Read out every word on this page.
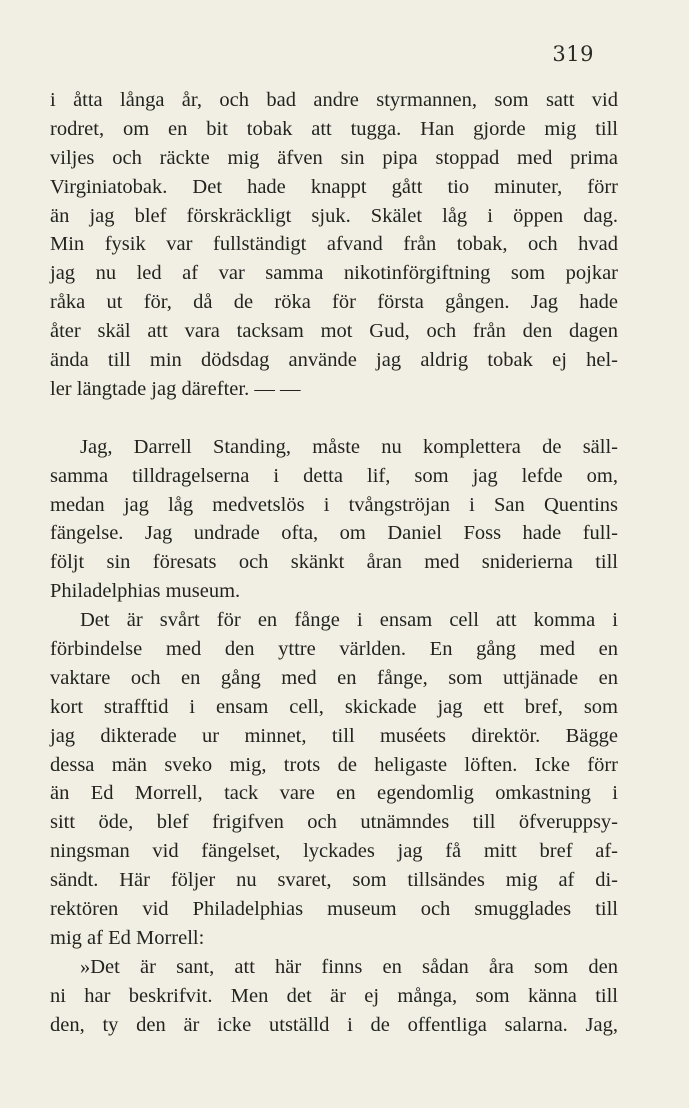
319
i åtta långa år, och bad andre styrmannen, som satt vid
rodret, om en bit tobak att tugga. Han gjorde mig till
viljes och räckte mig äfven sin pipa stoppad med prima
Virginiatobak. Det hade knappt gått tio minuter, förr
än jag blef förskräckligt sjuk. Skälet låg i öppen dag.
Min fysik var fullständigt afvand från tobak, och hvad
jag nu led af var samma nikotinförgiftning som pojkar
råka ut för, då de röka för första gången. Jag hade
åter skäl att vara tacksam mot Gud, och från den dagen
ända till min dödsdag använde jag aldrig tobak ej hel-
ler längtade jag därefter. — —
Jag, Darrell Standing, måste nu komplettera de säll-
samma tilldragelserna i detta lif, som jag lefde om,
medan jag låg medvetslös i tvångströjan i San Quentins
fängelse. Jag undrade ofta, om Daniel Foss hade full-
följt sin föresats och skänkt åran med sniderierna till
Philadelphias museum.
Det är svårt för en fånge i ensam cell att komma i
förbindelse med den yttre världen. En gång med en
vaktare och en gång med en fånge, som uttjänade en
kort strafftid i ensam cell, skickade jag ett bref, som
jag dikterade ur minnet, till muséets direktör. Bägge
dessa män sveko mig, trots de heligaste löften. Icke förr
än Ed Morrell, tack vare en egendomlig omkastning i
sitt öde, blef frigifven och utnämndes till öfveruppsy-
ningsman vid fängelset, lyckades jag få mitt bref af-
sändt. Här följer nu svaret, som tillsändes mig af di-
rektören vid Philadelphias museum och smugglades till
mig af Ed Morrell:
»Det är sant, att här finns en sådan åra som den
ni har beskrifvit. Men det är ej många, som känna till
den, ty den är icke utställd i de offentliga salarna. Jag,
